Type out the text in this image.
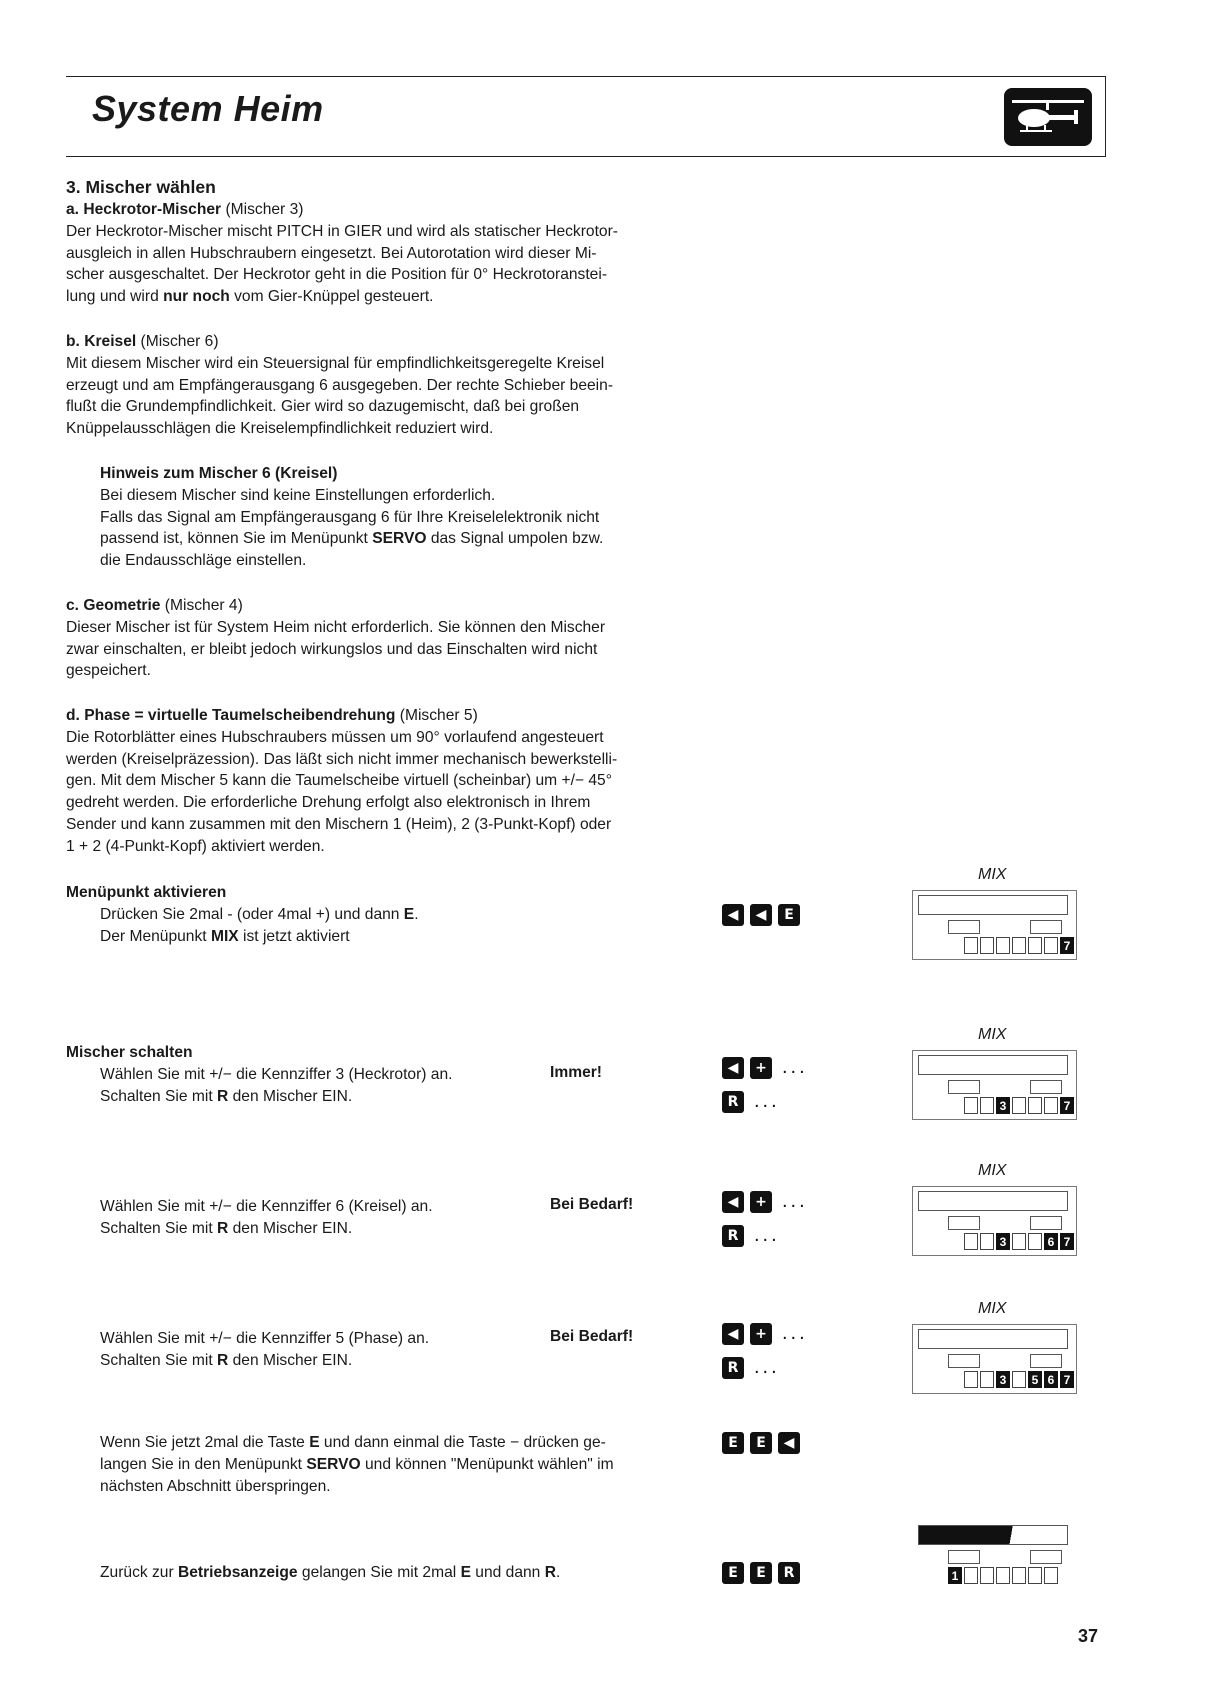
System Heim
3. Mischer wählen
a. Heckrotor-Mischer (Mischer 3)
Der Heckrotor-Mischer mischt PITCH in GIER und wird als statischer Heckrotor-
ausgleich in allen Hubschraubern eingesetzt. Bei Autorotation wird dieser Mi-
scher ausgeschaltet. Der Heckrotor geht in die Position für 0° Heckrotoranstei-
lung und wird nur noch vom Gier-Knüppel gesteuert.
b. Kreisel (Mischer 6)
Mit diesem Mischer wird ein Steuersignal für empfindlichkeitsgeregelte Kreisel
erzeugt und am Empfängerausgang 6 ausgegeben. Der rechte Schieber beein-
flußt die Grundempfindlichkeit. Gier wird so dazugemischt, daß bei großen
Knüppelausschlägen die Kreiselempfindlichkeit reduziert wird.
Hinweis zum Mischer 6 (Kreisel)
Bei diesem Mischer sind keine Einstellungen erforderlich.
Falls das Signal am Empfängerausgang 6 für Ihre Kreiselelektronik nicht
passend ist, können Sie im Menüpunkt SERVO das Signal umpolen bzw.
die Endausschläge einstellen.
c. Geometrie (Mischer 4)
Dieser Mischer ist für System Heim nicht erforderlich. Sie können den Mischer
zwar einschalten, er bleibt jedoch wirkungslos und das Einschalten wird nicht
gespeichert.
d. Phase = virtuelle Taumelscheibendrehung (Mischer 5)
Die Rotorblätter eines Hubschraubers müssen um 90° vorlaufend angesteuert
werden (Kreiselpräzession). Das läßt sich nicht immer mechanisch bewerkstelli-
gen. Mit dem Mischer 5 kann die Taumelscheibe virtuell (scheinbar) um +/− 45°
gedreht werden. Die erforderliche Drehung erfolgt also elektronisch in Ihrem
Sender und kann zusammen mit den Mischern 1 (Heim), 2 (3-Punkt-Kopf) oder
1 + 2 (4-Punkt-Kopf) aktiviert werden.
Menüpunkt aktivieren
Drücken Sie 2mal - (oder 4mal +) und dann E.
Der Menüpunkt MIX ist jetzt aktiviert
◀	◀	E
Mischer schalten
Wählen Sie mit +/− die Kennziffer 3 (Heckrotor) an.
Schalten Sie mit R den Mischer EIN.
Immer!	◀	+ ...
R ...
Wählen Sie mit +/− die Kennziffer 6 (Kreisel) an.
Schalten Sie mit R den Mischer EIN.
Bei Bedarf!	◀	+ ...
R ...
Wählen Sie mit +/− die Kennziffer 5 (Phase) an.
Schalten Sie mit R den Mischer EIN.
Bei Bedarf!	◀	+ ...
R ...
Wenn Sie jetzt 2mal die Taste E und dann einmal die Taste − drücken ge-
langen Sie in den Menüpunkt SERVO und können "Menüpunkt wählen" im
nächsten Abschnitt überspringen.
E	E	◀
Zurück zur Betriebsanzeige gelangen Sie mit 2mal E und dann R.	E	E	R
MIX
7
MIX
3	7
MIX
3	6 7
MIX
3	5 6 7
1
37
